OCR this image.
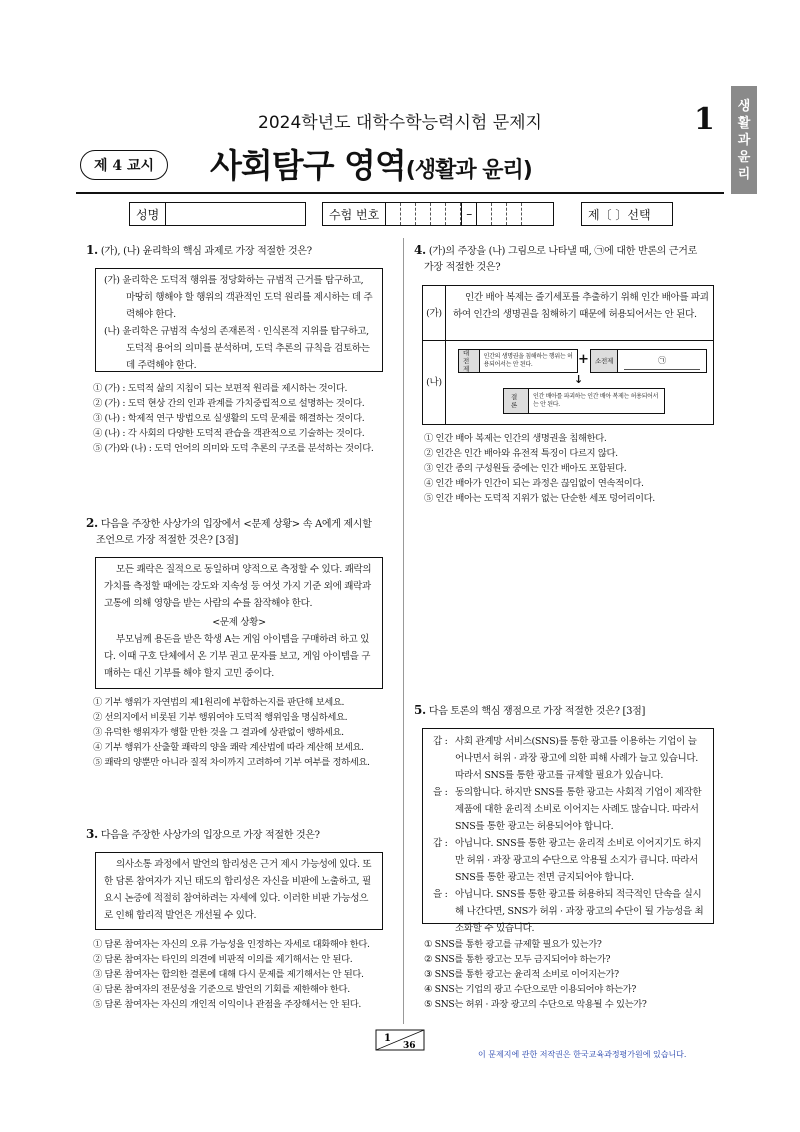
생
활
과
윤
리
1
2024학년도 대학수학능력시험 문제지
제 4 교시	사회탐구 영역(생활과 윤리)
성명	수험 번호	–	제〔 〕선택
1. (가), (나) 윤리학의 핵심 과제로 가장 적절한 것은?
(가) 윤리학은 도덕적 행위를 정당화하는 규범적 근거를 탐구하고, 마땅히 행해야 할 행위의 객관적인 도덕 원리를 제시하는 데 주력해야 한다.
(나) 윤리학은 규범적 속성의 존재론적 · 인식론적 지위를 탐구하고, 도덕적 용어의 의미를 분석하며, 도덕 추론의 규칙을 검토하는 데 주력해야 한다.
① (가) : 도덕적 삶의 지침이 되는 보편적 원리를 제시하는 것이다.
② (가) : 도덕 현상 간의 인과 관계를 가치중립적으로 설명하는 것이다.
③ (나) : 학제적 연구 방법으로 실생활의 도덕 문제를 해결하는 것이다.
④ (나) : 각 사회의 다양한 도덕적 관습을 객관적으로 기술하는 것이다.
⑤ (가)와 (나) : 도덕 언어의 의미와 도덕 추론의 구조를 분석하는 것이다.
2. 다음을 주장한 사상가의 입장에서 <문제 상황> 속 A에게 제시할
조언으로 가장 적절한 것은? [3점]
모든 쾌락은 질적으로 동일하며 양적으로 측정할 수 있다. 쾌락의 가치를 측정할 때에는 강도와 지속성 등 여섯 가지 기준 외에 쾌락과 고통에 의해 영향을 받는 사람의 수를 참작해야 한다.
<문제 상황>
부모님께 용돈을 받은 학생 A는 게임 아이템을 구매하려 하고 있다. 이때 구호 단체에서 온 기부 권고 문자를 보고, 게임 아이템을 구매하는 대신 기부를 해야 할지 고민 중이다.
① 기부 행위가 자연법의 제1원리에 부합하는지를 판단해 보세요.
② 선의지에서 비롯된 기부 행위여야 도덕적 행위임을 명심하세요.
③ 유덕한 행위자가 행할 만한 것을 그 결과에 상관없이 행하세요.
④ 기부 행위가 산출할 쾌락의 양을 쾌락 계산법에 따라 계산해 보세요.
⑤ 쾌락의 양뿐만 아니라 질적 차이까지 고려하여 기부 여부를 정하세요.
3. 다음을 주장한 사상가의 입장으로 가장 적절한 것은?
의사소통 과정에서 발언의 합리성은 근거 제시 가능성에 있다. 또한 담론 참여자가 지닌 태도의 합리성은 자신을 비판에 노출하고, 필요시 논증에 적절히 참여하려는 자세에 있다. 이러한 비판 가능성으로 인해 합리적 발언은 개선될 수 있다.
① 담론 참여자는 자신의 오류 가능성을 인정하는 자세로 대화해야 한다.
② 담론 참여자는 타인의 의견에 비판적 이의를 제기해서는 안 된다.
③ 담론 참여자는 합의한 결론에 대해 다시 문제를 제기해서는 안 된다.
④ 담론 참여자의 전문성을 기준으로 발언의 기회를 제한해야 한다.
⑤ 담론 참여자는 자신의 개인적 이익이나 관점을 주장해서는 안 된다.
4. (가)의 주장을 (나) 그림으로 나타낼 때, ㉠에 대한 반론의 근거로
가장 적절한 것은?
(가)
인간 배아 복제는 줄기세포를 추출하기 위해 인간 배아를 파괴하여 인간의 생명권을 침해하기 때문에 허용되어서는 안 된다.
(나)
대전제
인간의 생명권을 침해하는 행위는 허용되어서는 안 된다.	+ 소전제	㉠
↓
결론
인간 배아를 파괴하는 인간 배아 복제는 허용되어서는 안 된다.
① 인간 배아 복제는 인간의 생명권을 침해한다.
② 인간은 인간 배아와 유전적 특징이 다르지 않다.
③ 인간 종의 구성원들 중에는 인간 배아도 포함된다.
④ 인간 배아가 인간이 되는 과정은 끊임없이 연속적이다.
⑤ 인간 배아는 도덕적 지위가 없는 단순한 세포 덩어리이다.
5. 다음 토론의 핵심 쟁점으로 가장 적절한 것은? [3점]
갑 : 사회 관계망 서비스(SNS)를 통한 광고를 이용하는 기업이 늘어나면서 허위 · 과장 광고에 의한 피해 사례가 늘고 있습니다. 따라서 SNS를 통한 광고를 규제할 필요가 있습니다.
을 : 동의합니다. 하지만 SNS를 통한 광고는 사회적 기업이 제작한 제품에 대한 윤리적 소비로 이어지는 사례도 많습니다. 따라서 SNS를 통한 광고는 허용되어야 합니다.
갑 : 아닙니다. SNS를 통한 광고는 윤리적 소비로 이어지기도 하지만 허위 · 과장 광고의 수단으로 악용될 소지가 큽니다. 따라서 SNS를 통한 광고는 전면 금지되어야 합니다.
을 : 아닙니다. SNS를 통한 광고를 허용하되 적극적인 단속을 실시해 나간다면, SNS가 허위 · 과장 광고의 수단이 될 가능성을 최소화할 수 있습니다.
① SNS를 통한 광고를 규제할 필요가 있는가?
② SNS를 통한 광고는 모두 금지되어야 하는가?
③ SNS를 통한 광고는 윤리적 소비로 이어지는가?
④ SNS는 기업의 광고 수단으로만 이용되어야 하는가?
⑤ SNS는 허위 · 과장 광고의 수단으로 악용될 수 있는가?
1
36
이 문제지에 관한 저작권은 한국교육과정평가원에 있습니다.
